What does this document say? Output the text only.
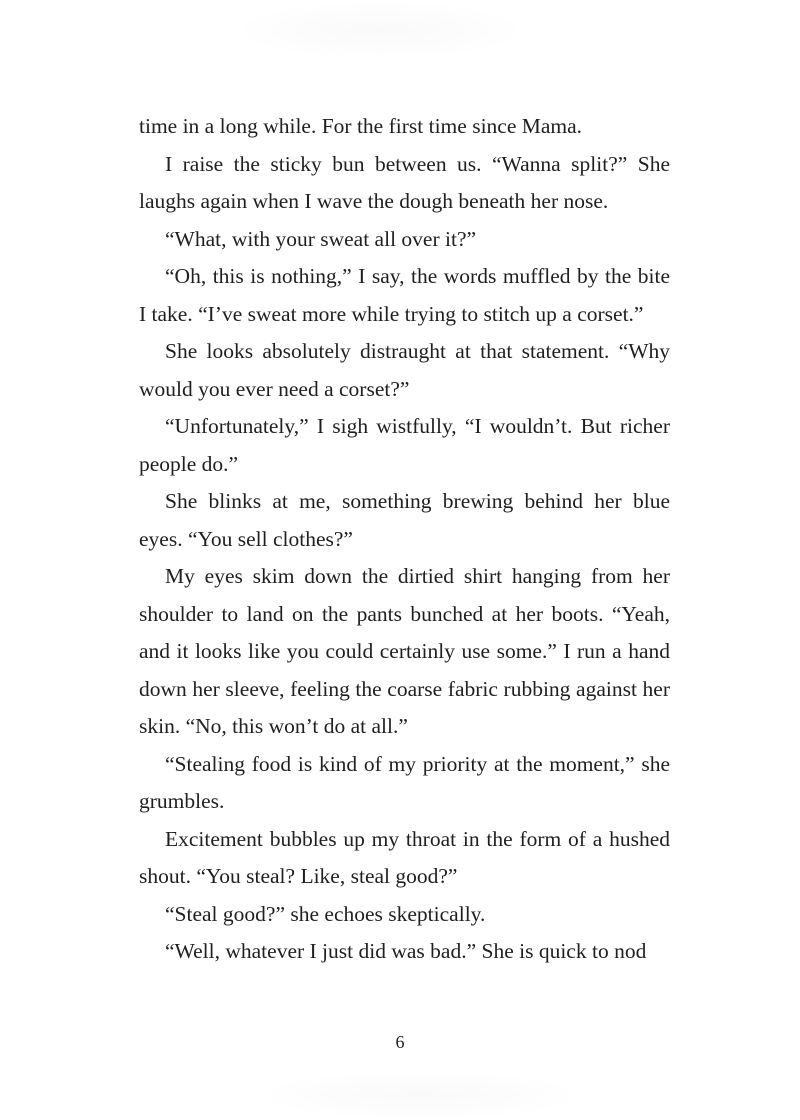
time in a long while. For the first time since Mama.

I raise the sticky bun between us. “Wanna split?” She laughs again when I wave the dough beneath her nose.

“What, with your sweat all over it?”

“Oh, this is nothing,” I say, the words muffled by the bite I take. “I’ve sweat more while trying to stitch up a corset.”

She looks absolutely distraught at that statement. “Why would you ever need a corset?”

“Unfortunately,” I sigh wistfully, “I wouldn’t. But richer people do.”

She blinks at me, something brewing behind her blue eyes. “You sell clothes?”

My eyes skim down the dirtied shirt hanging from her shoulder to land on the pants bunched at her boots. “Yeah, and it looks like you could certainly use some.” I run a hand down her sleeve, feeling the coarse fabric rubbing against her skin. “No, this won’t do at all.”

“Stealing food is kind of my priority at the moment,” she grumbles.

Excitement bubbles up my throat in the form of a hushed shout. “You steal? Like, steal good?”

“Steal good?” she echoes skeptically.

“Well, whatever I just did was bad.” She is quick to nod

6
